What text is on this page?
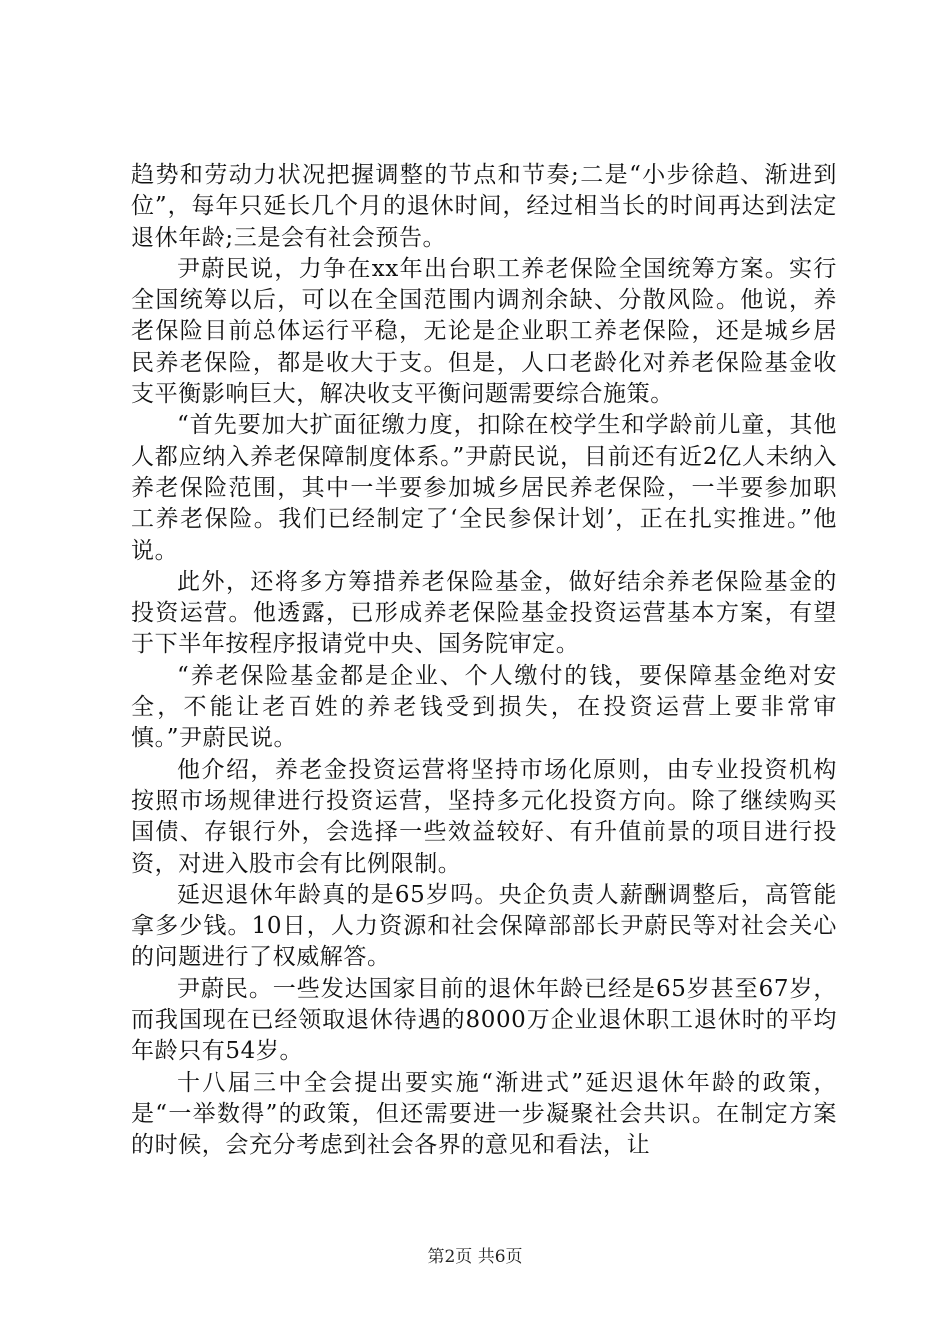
趋势和劳动力状况把握调整的节点和节奏;二是“小步徐趋、渐进到位”，每年只延长几个月的退休时间，经过相当长的时间再达到法定退休年龄;三是会有社会预告。

尹蔚民说，力争在xx年出台职工养老保险全国统筹方案。实行全国统筹以后，可以在全国范围内调剂余缺、分散风险。他说，养老保险目前总体运行平稳，无论是企业职工养老保险，还是城乡居民养老保险，都是收大于支。但是，人口老龄化对养老保险基金收支平衡影响巨大，解决收支平衡问题需要综合施策。

“首先要加大扩面征缴力度，扣除在校学生和学龄前儿童，其他人都应纳入养老保障制度体系。”尹蔚民说，目前还有近2亿人未纳入养老保险范围，其中一半要参加城乡居民养老保险，一半要参加职工养老保险。我们已经制定了‘全民参保计划’，正在扎实推进。”他说。

此外，还将多方筹措养老保险基金，做好结余养老保险基金的投资运营。他透露，已形成养老保险基金投资运营基本方案，有望于下半年按程序报请党中央、国务院审定。

“养老保险基金都是企业、个人缴付的钱，要保障基金绝对安全，不能让老百姓的养老钱受到损失，在投资运营上要非常审慎。”尹蔚民说。

他介绍，养老金投资运营将坚持市场化原则，由专业投资机构按照市场规律进行投资运营，坚持多元化投资方向。除了继续购买国债、存银行外，会选择一些效益较好、有升值前景的项目进行投资，对进入股市会有比例限制。

延迟退休年龄真的是65岁吗。央企负责人薪酬调整后，高管能拿多少钱。10日，人力资源和社会保障部部长尹蔚民等对社会关心的问题进行了权威解答。

尹蔚民。一些发达国家目前的退休年龄已经是65岁甚至67岁，而我国现在已经领取退休待遇的8000万企业退休职工退休时的平均年龄只有54岁。

十八届三中全会提出要实施“渐进式”延迟退休年龄的政策，是“一举数得”的政策，但还需要进一步凝聚社会共识。在制定方案的时候，会充分考虑到社会各界的意见和看法，让

第2页 共6页
